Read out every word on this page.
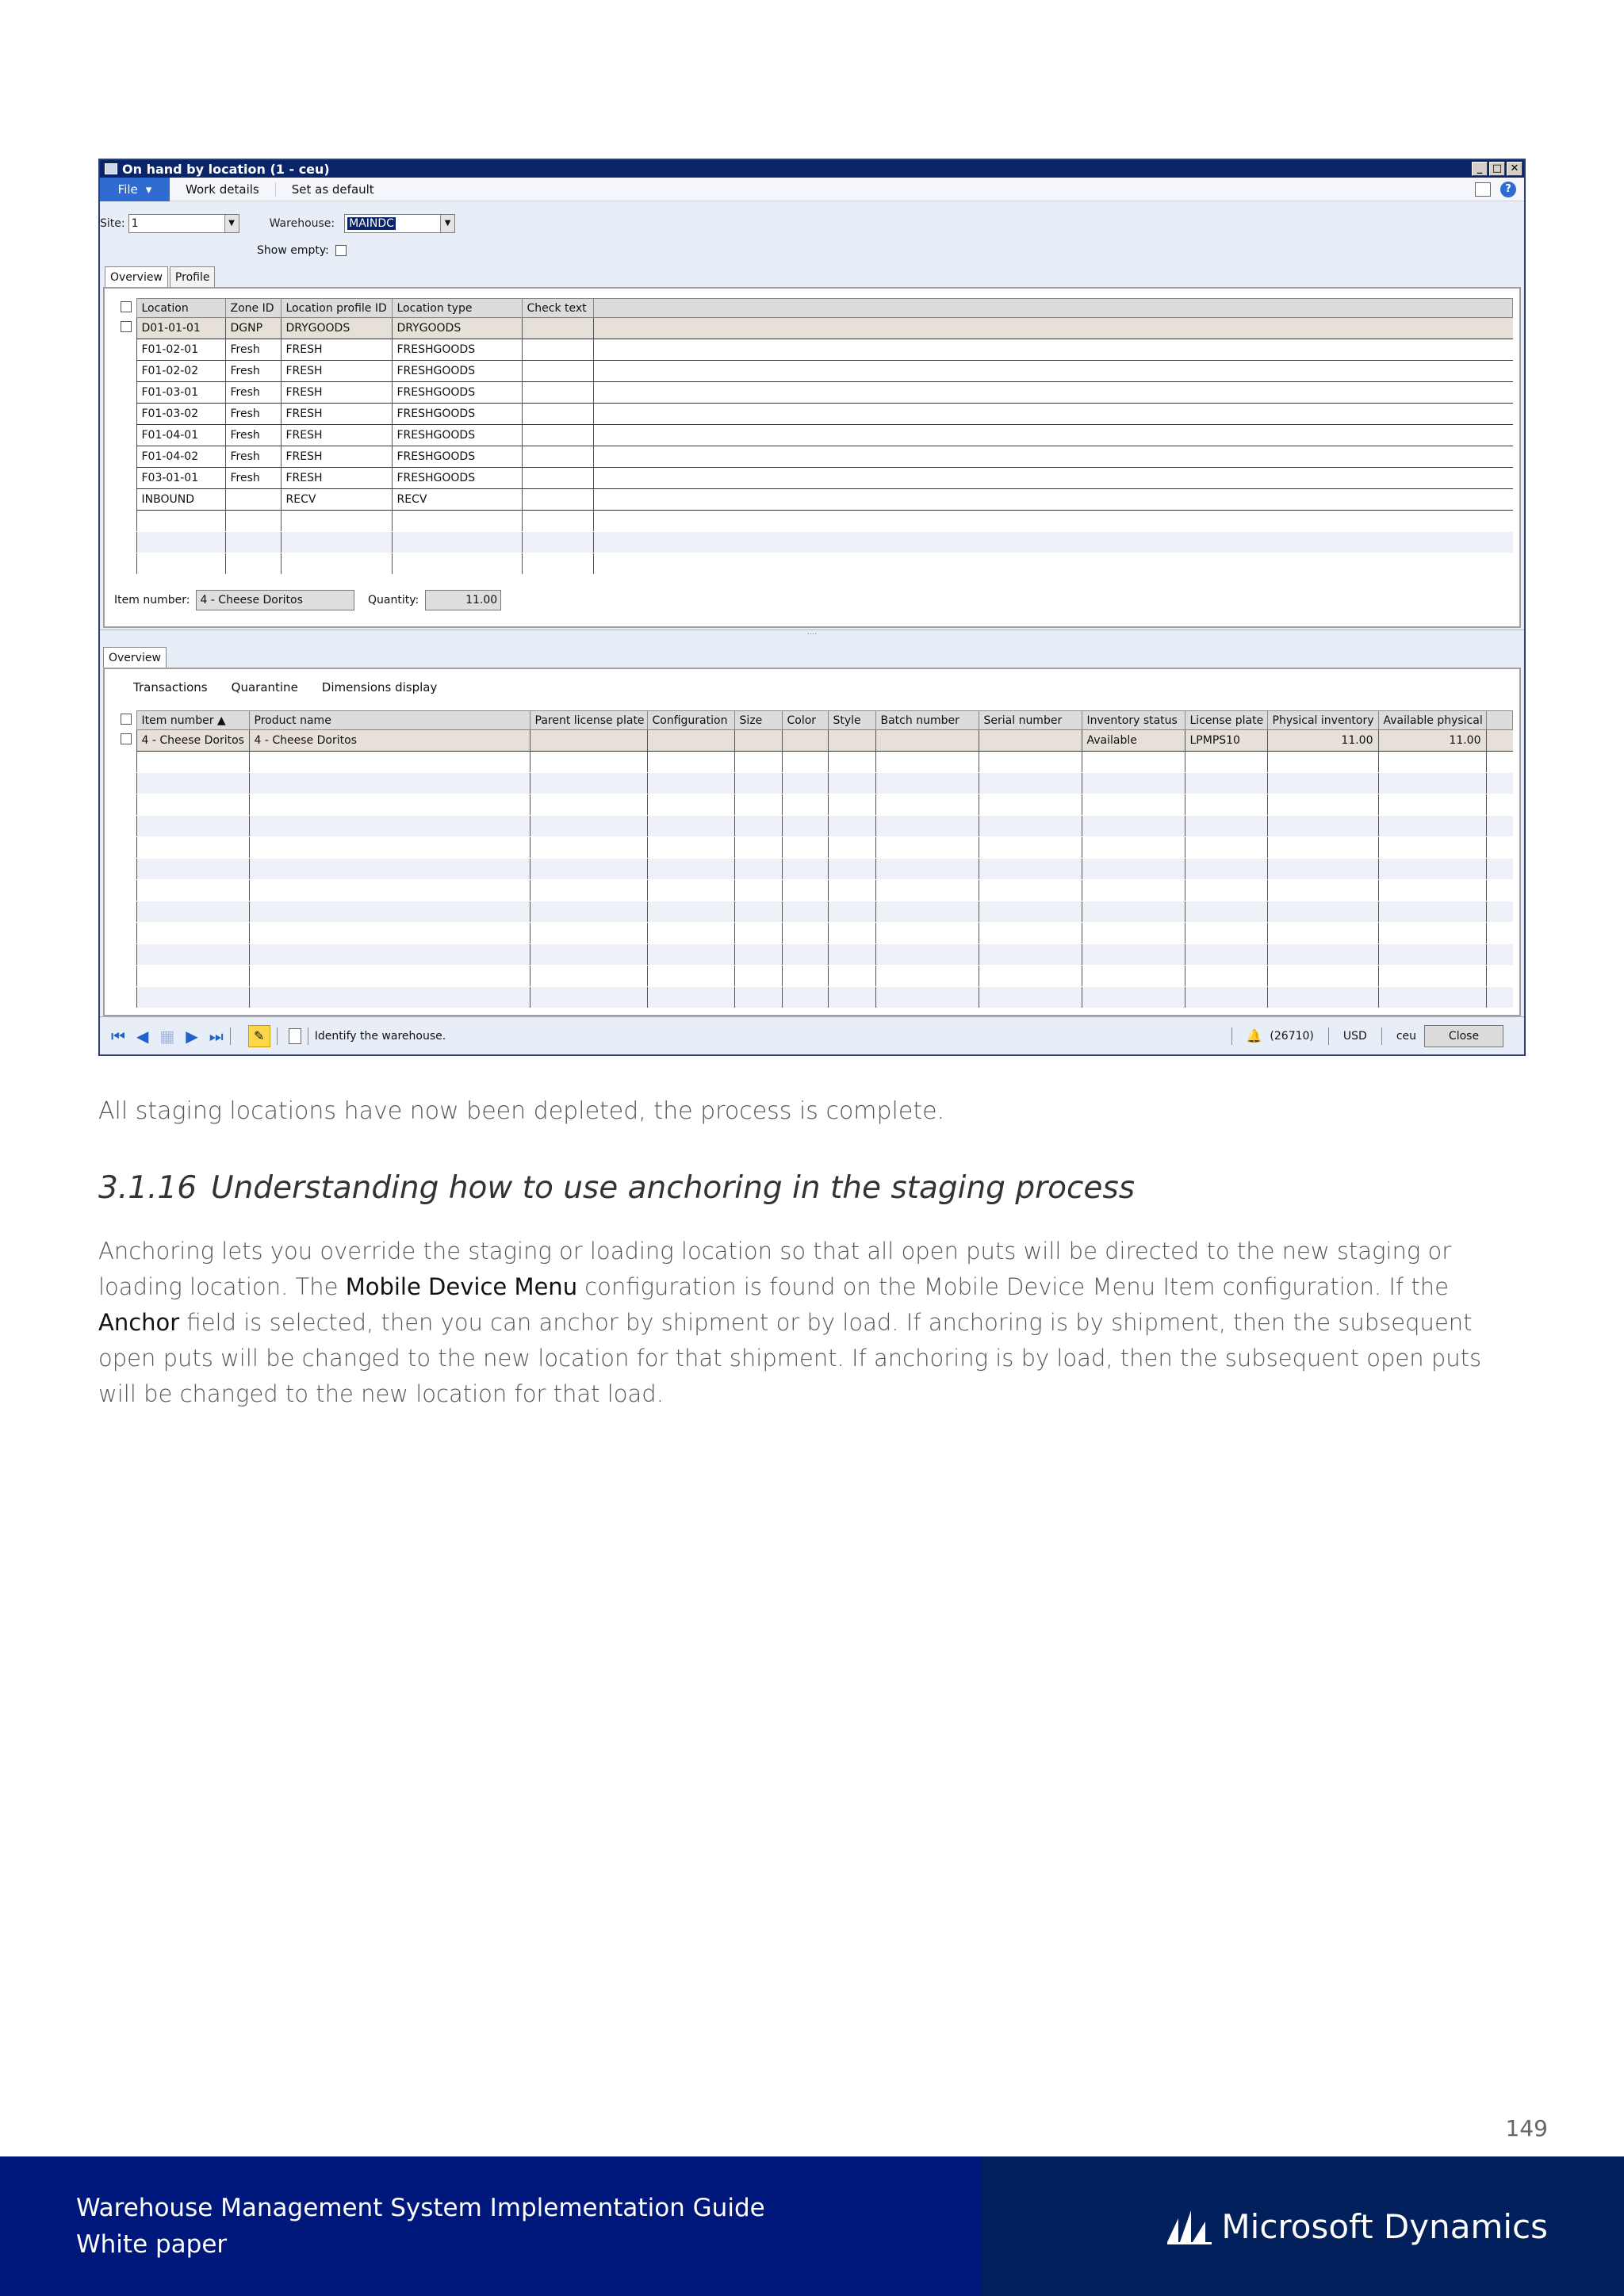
On hand by location (1 - ceu)	_ □ ✕
File ▾	Work details	Set as default	?
Site: 1	▼	Warehouse: MAINDC	▼
Show empty:
Overview	Profile
	Location	Zone ID	Location profile ID	Location type	Check text	
	D01-01-01	DGNP	DRYGOODS	DRYGOODS		
	F01-02-01	Fresh	FRESH	FRESHGOODS		
	F01-02-02	Fresh	FRESH	FRESHGOODS		
	F01-03-01	Fresh	FRESH	FRESHGOODS		
	F01-03-02	Fresh	FRESH	FRESHGOODS		
	F01-04-01	Fresh	FRESH	FRESHGOODS		
	F01-04-02	Fresh	FRESH	FRESHGOODS		
	F03-01-01	Fresh	FRESH	FRESHGOODS		
	INBOUND		RECV	RECV		

Item number: 4 - Cheese Doritos	Quantity:	11.00
....
Overview
Transactions Quarantine Dimensions display
	Item number ▲	Product name	Parent license plate	Configuration	Size	Color	Style	Batch number	Serial number	Inventory status	License plate	Physical inventory	Available physical	
	4 - Cheese Doritos	4 - Cheese Doritos								Available	LPMPS10	11.00	11.00	

⏮ ◀ ▦ ▶ ⏭	✎	Identify the warehouse.	🔔 (26710)	USD	ceu	Close
All staging locations have now been depleted, the process is complete.
3.1.16 Understanding how to use anchoring in the staging process
Anchoring lets you override the staging or loading location so that all open puts will be directed to the new staging or loading location. The Mobile Device Menu configuration is found on the Mobile Device Menu Item configuration. If the Anchor field is selected, then you can anchor by shipment or by load. If anchoring is by shipment, then the subsequent open puts will be changed to the new location for that shipment. If anchoring is by load, then the subsequent open puts will be changed to the new location for that load.
149
Warehouse Management System Implementation Guide
White paper	Microsoft Dynamics
